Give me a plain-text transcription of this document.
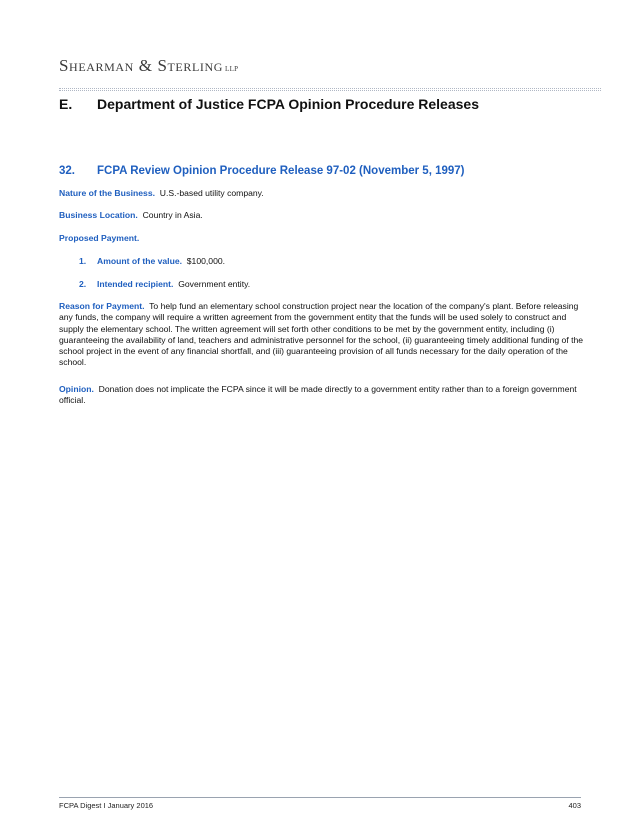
Shearman & Sterling LLP
E. Department of Justice FCPA Opinion Procedure Releases
32. FCPA Review Opinion Procedure Release 97-02 (November 5, 1997)
Nature of the Business. U.S.-based utility company.
Business Location. Country in Asia.
Proposed Payment.
1. Amount of the value. $100,000.
2. Intended recipient. Government entity.
Reason for Payment. To help fund an elementary school construction project near the location of the company's plant. Before releasing any funds, the company will require a written agreement from the government entity that the funds will be used solely to construct and supply the elementary school. The written agreement will set forth other conditions to be met by the government entity, including (i) guaranteeing the availability of land, teachers and administrative personnel for the school, (ii) guaranteeing timely additional funding of the school project in the event of any financial shortfall, and (iii) guaranteeing provision of all funds necessary for the daily operation of the school.
Opinion. Donation does not implicate the FCPA since it will be made directly to a government entity rather than to a foreign government official.
FCPA Digest I January 2016	403
